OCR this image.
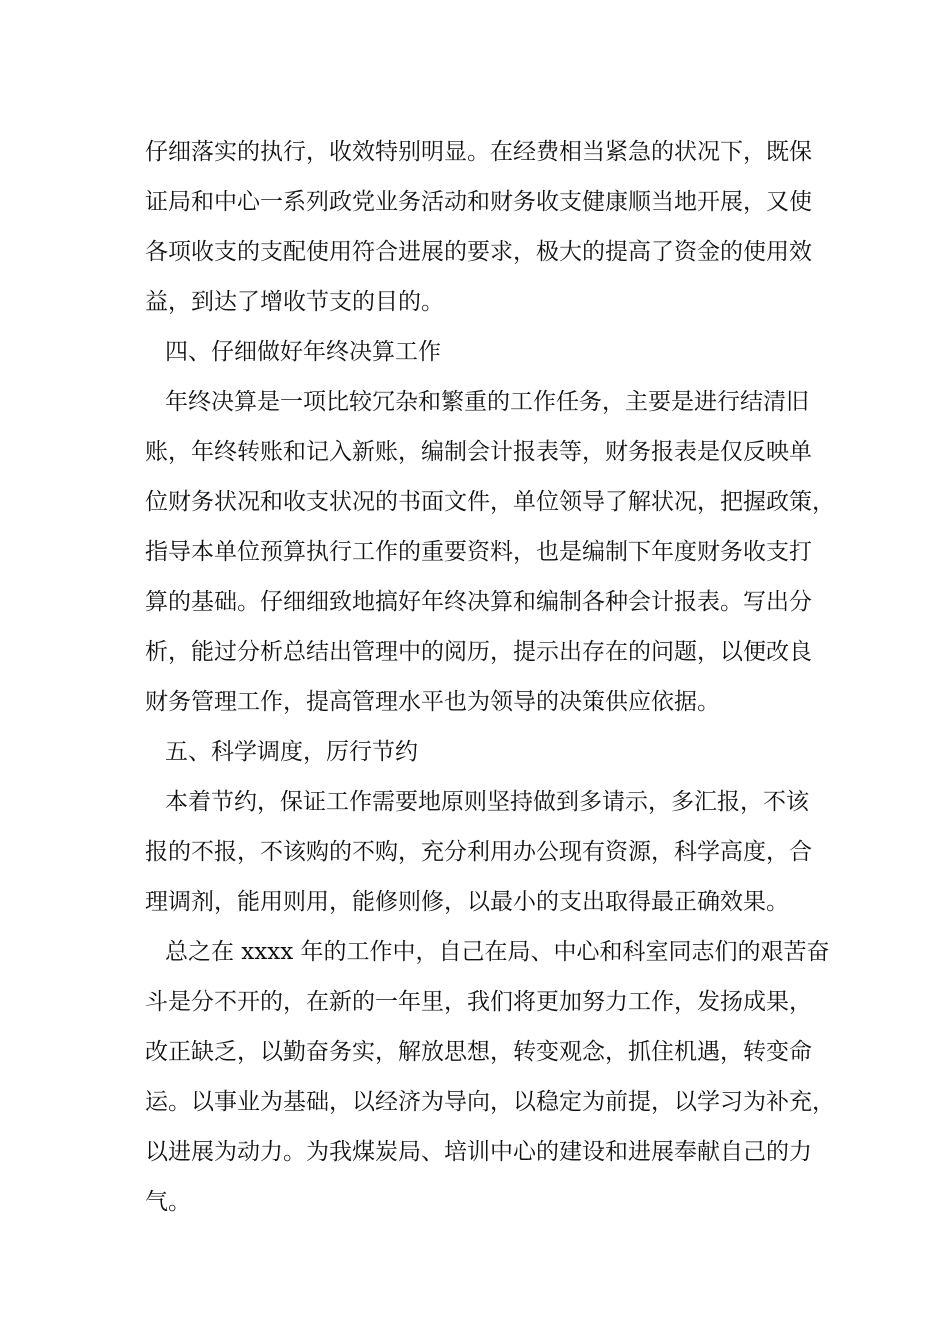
仔细落实的执行，收效特别明显。在经费相当紧急的状况下，既保

证局和中心一系列政党业务活动和财务收支健康顺当地开展，又使

各项收支的支配使用符合进展的要求，极大的提高了资金的使用效

益，到达了增收节支的目的。

四、仔细做好年终决算工作

年终决算是一项比较冗杂和繁重的工作任务，主要是进行结清旧

账，年终转账和记入新账，编制会计报表等，财务报表是仅反映单

位财务状况和收支状况的书面文件，单位领导了解状况，把握政策，

指导本单位预算执行工作的重要资料，也是编制下年度财务收支打

算的基础。仔细细致地搞好年终决算和编制各种会计报表。写出分

析，能过分析总结出管理中的阅历，提示出存在的问题，以便改良

财务管理工作，提高管理水平也为领导的决策供应依据。

五、科学调度，厉行节约

本着节约，保证工作需要地原则坚持做到多请示，多汇报，不该

报的不报，不该购的不购，充分利用办公现有资源，科学高度，合

理调剂，能用则用，能修则修，以最小的支出取得最正确效果。

总之在 xxxx 年的工作中，自己在局、中心和科室同志们的艰苦奋

斗是分不开的，在新的一年里，我们将更加努力工作，发扬成果，

改正缺乏，以勤奋务实，解放思想，转变观念，抓住机遇，转变命

运。以事业为基础，以经济为导向，以稳定为前提，以学习为补充，

以进展为动力。为我煤炭局、培训中心的建设和进展奉献自己的力

气。
